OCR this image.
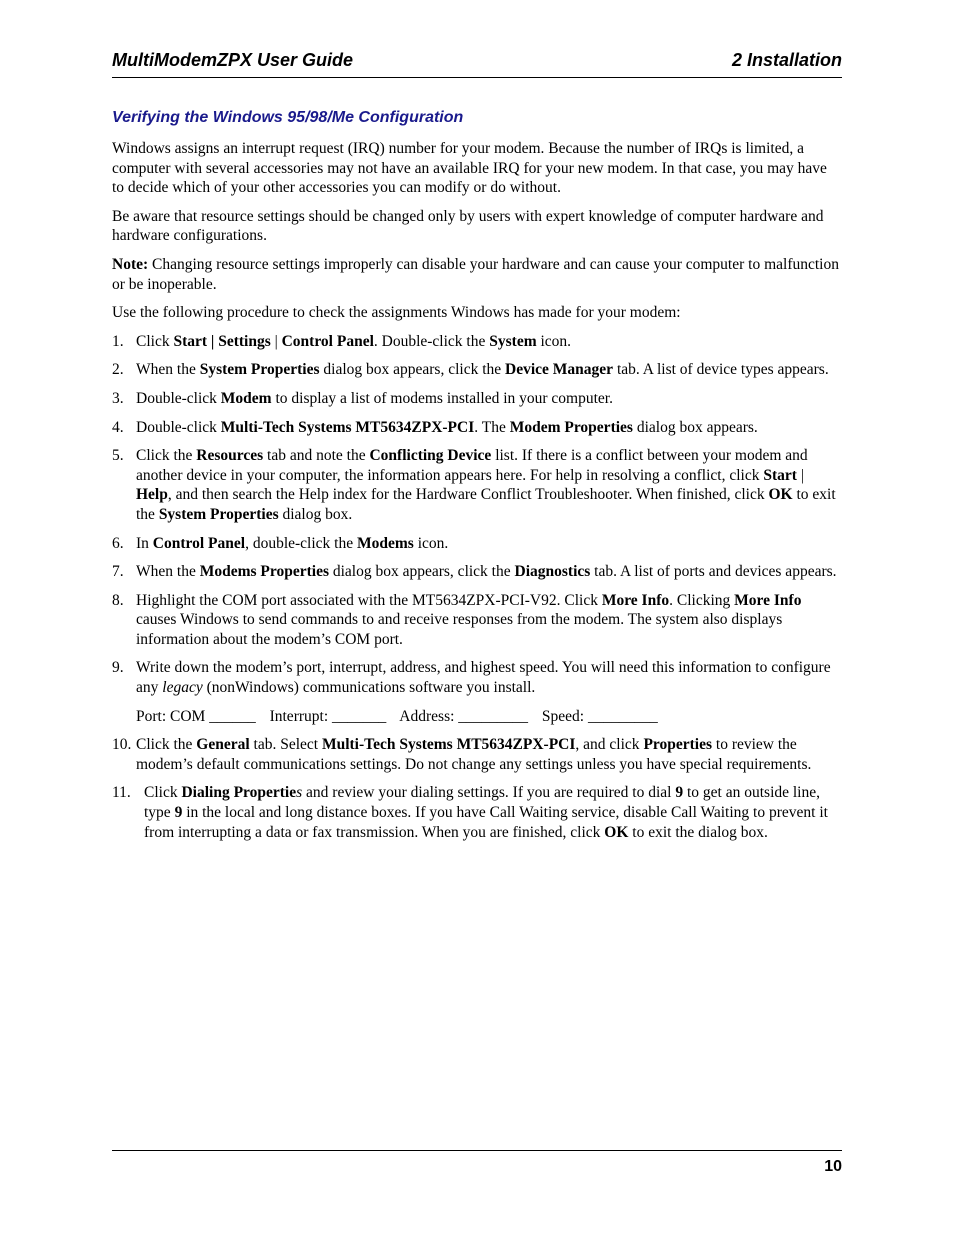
MultiModemZPX User Guide	2 Installation
Verifying the Windows 95/98/Me Configuration

Windows assigns an interrupt request (IRQ) number for your modem. Because the number of IRQs is limited, a computer with several accessories may not have an available IRQ for your new modem. In that case, you may have to decide which of your other accessories you can modify or do without.

Be aware that resource settings should be changed only by users with expert knowledge of computer hardware and hardware configurations.

Note: Changing resource settings improperly can disable your hardware and can cause your computer to malfunction or be inoperable.

Use the following procedure to check the assignments Windows has made for your modem:

1. Click Start | Settings | Control Panel. Double-click the System icon.
2. When the System Properties dialog box appears, click the Device Manager tab. A list of device types appears.
3. Double-click Modem to display a list of modems installed in your computer.
4. Double-click Multi-Tech Systems MT5634ZPX-PCI. The Modem Properties dialog box appears.
5. Click the Resources tab and note the Conflicting Device list. If there is a conflict between your modem and another device in your computer, the information appears here. For help in resolving a conflict, click Start | Help, and then search the Help index for the Hardware Conflict Troubleshooter. When finished, click OK to exit the System Properties dialog box.
6. In Control Panel, double-click the Modems icon.
7. When the Modems Properties dialog box appears, click the Diagnostics tab. A list of ports and devices appears.
8. Highlight the COM port associated with the MT5634ZPX-PCI-V92. Click More Info. Clicking More Info causes Windows to send commands to and receive responses from the modem. The system also displays information about the modem’s COM port.
9. Write down the modem’s port, interrupt, address, and highest speed. You will need this information to configure any legacy (nonWindows) communications software you install.
Port: COM ______ Interrupt: _______ Address: _________ Speed: _________
10. Click the General tab. Select Multi-Tech Systems MT5634ZPX-PCI, and click Properties to review the modem’s default communications settings. Do not change any settings unless you have special requirements.
11. Click Dialing Properties and review your dialing settings. If you are required to dial 9 to get an outside line, type 9 in the local and long distance boxes. If you have Call Waiting service, disable Call Waiting to prevent it from interrupting a data or fax transmission. When you are finished, click OK to exit the dialog box.
10
